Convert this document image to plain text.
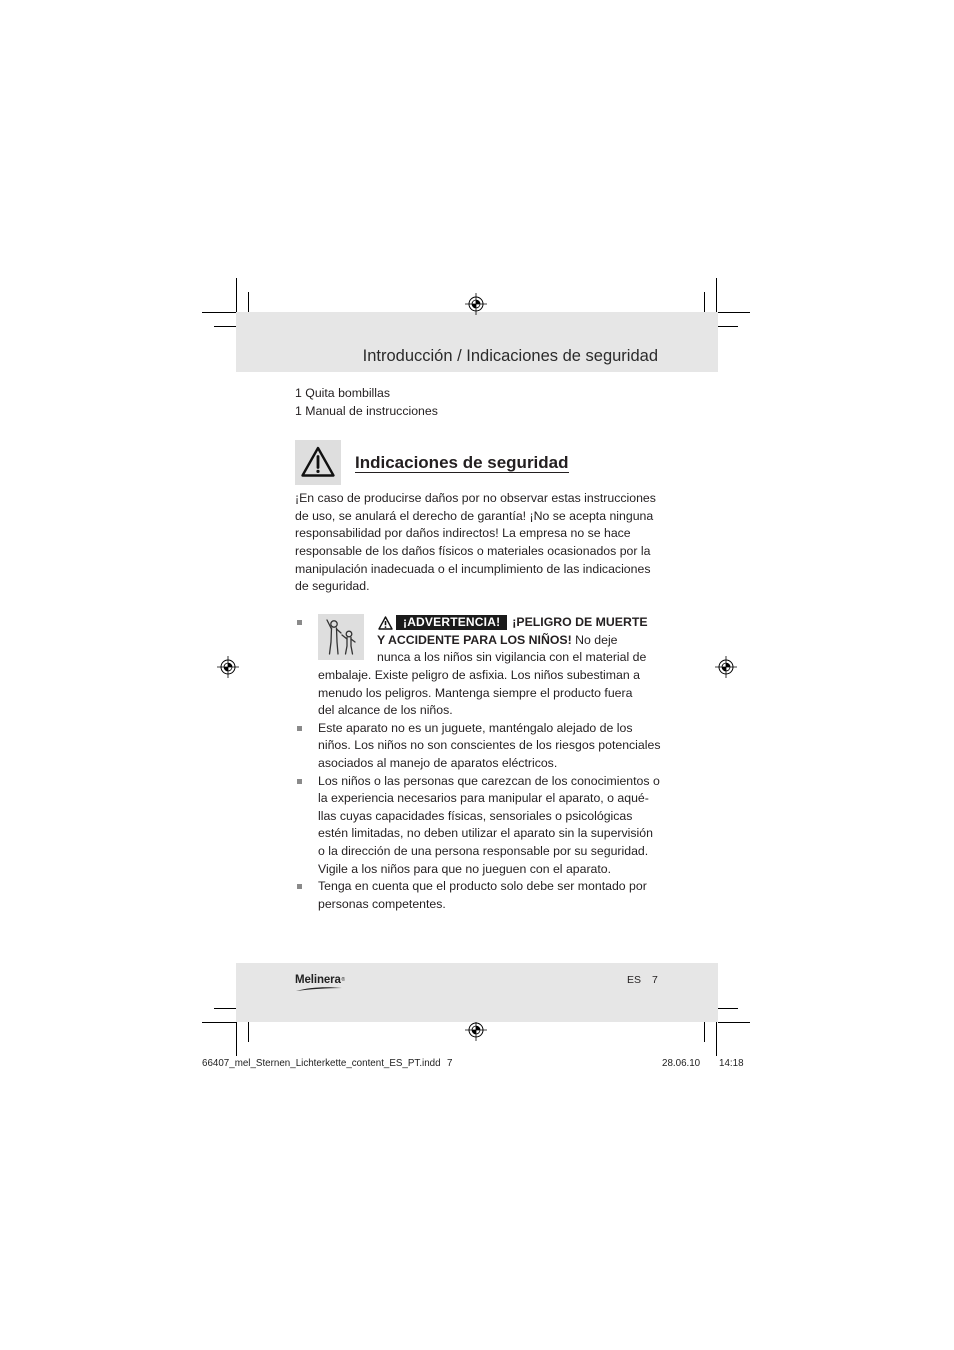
Introducción / Indicaciones de seguridad
1 Quita bombillas
1 Manual de instrucciones
Indicaciones de seguridad
¡En caso de producirse daños por no observar estas instrucciones
de uso, se anulará el derecho de garantía! ¡No se acepta ninguna
responsabilidad por daños indirectos! La empresa no se hace
responsable de los daños físicos o materiales ocasionados por la
manipulación inadecuada o el incumplimiento de las indicaciones
de seguridad.
¡ADVERTENCIA! ¡PELIGRO DE MUERTE
Y ACCIDENTE PARA LOS NIÑOS! No deje
nunca a los niños sin vigilancia con el material de
embalaje. Existe peligro de asfixia. Los niños subestiman a
menudo los peligros. Mantenga siempre el producto fuera
del alcance de los niños.
Este aparato no es un juguete, manténgalo alejado de los
niños. Los niños no son conscientes de los riesgos potenciales
asociados al manejo de aparatos eléctricos.
Los niños o las personas que carezcan de los conocimientos o
la experiencia necesarios para manipular el aparato, o aqué-
llas cuyas capacidades físicas, sensoriales o psicológicas
estén limitadas, no deben utilizar el aparato sin la supervisión
o la dirección de una persona responsable por su seguridad.
Vigile a los niños para que no jueguen con el aparato.
Tenga en cuenta que el producto solo debe ser montado por
personas competentes.
Melinera®	ES 7
66407_mel_Sternen_Lichterkette_content_ES_PT.indd 7	28.06.10 14:18
